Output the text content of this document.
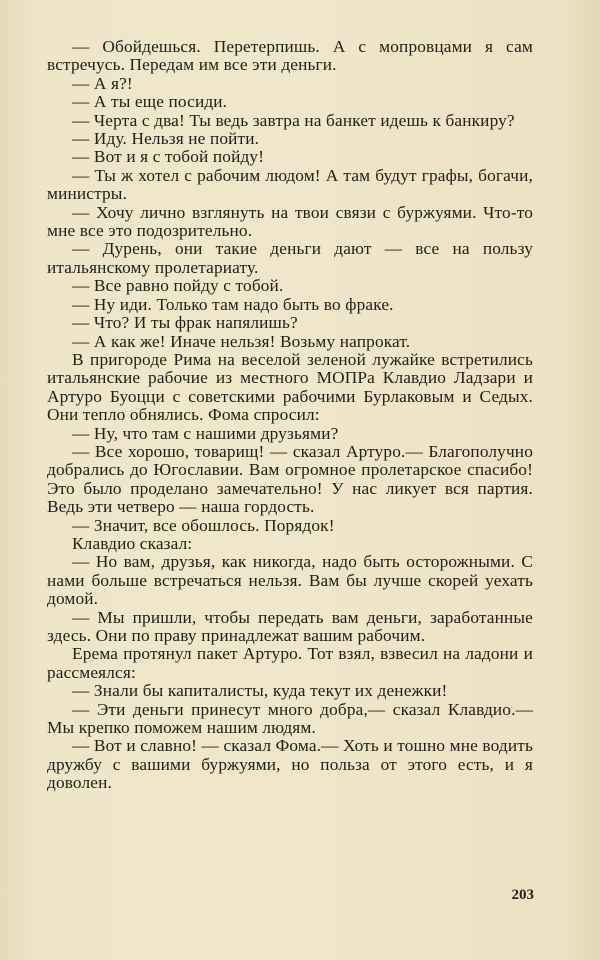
— Обойдешься. Перетерпишь. А с мопровцами я сам встречусь. Передам им все эти деньги.

— А я?!

— А ты еще посиди.

— Черта с два! Ты ведь завтра на банкет идешь к банкиру?

— Иду. Нельзя не пойти.

— Вот и я с тобой пойду!

— Ты ж хотел с рабочим людом! А там будут графы, богачи, министры.

— Хочу лично взглянуть на твои связи с буржуями. Что-то мне все это подозрительно.

— Дурень, они такие деньги дают — все на пользу итальянскому пролетариату.

— Все равно пойду с тобой.

— Ну иди. Только там надо быть во фраке.

— Что? И ты фрак напялишь?

— А как же! Иначе нельзя! Возьму напрокат.

В пригороде Рима на веселой зеленой лужайке встретились итальянские рабочие из местного МОПРа Клавдио Ладзари и Артуро Буоцци с советскими рабочими Бурлаковым и Седых. Они тепло обнялись. Фома спросил:

— Ну, что там с нашими друзьями?

— Все хорошо, товарищ! — сказал Артуро.— Благополучно добрались до Югославии. Вам огромное пролетарское спасибо! Это было проделано замечательно! У нас ликует вся партия. Ведь эти четверо — наша гордость.

— Значит, все обошлось. Порядок!

Клавдио сказал:

— Но вам, друзья, как никогда, надо быть осторожными. С нами больше встречаться нельзя. Вам бы лучше скорей уехать домой.

— Мы пришли, чтобы передать вам деньги, заработанные здесь. Они по праву принадлежат вашим рабочим.

Ерема протянул пакет Артуро. Тот взял, взвесил на ладони и рассмеялся:

— Знали бы капиталисты, куда текут их денежки!

— Эти деньги принесут много добра,— сказал Клавдио.— Мы крепко поможем нашим людям.

— Вот и славно! — сказал Фома.— Хоть и тошно мне водить дружбу с вашими буржуями, но польза от этого есть, и я доволен.

203
